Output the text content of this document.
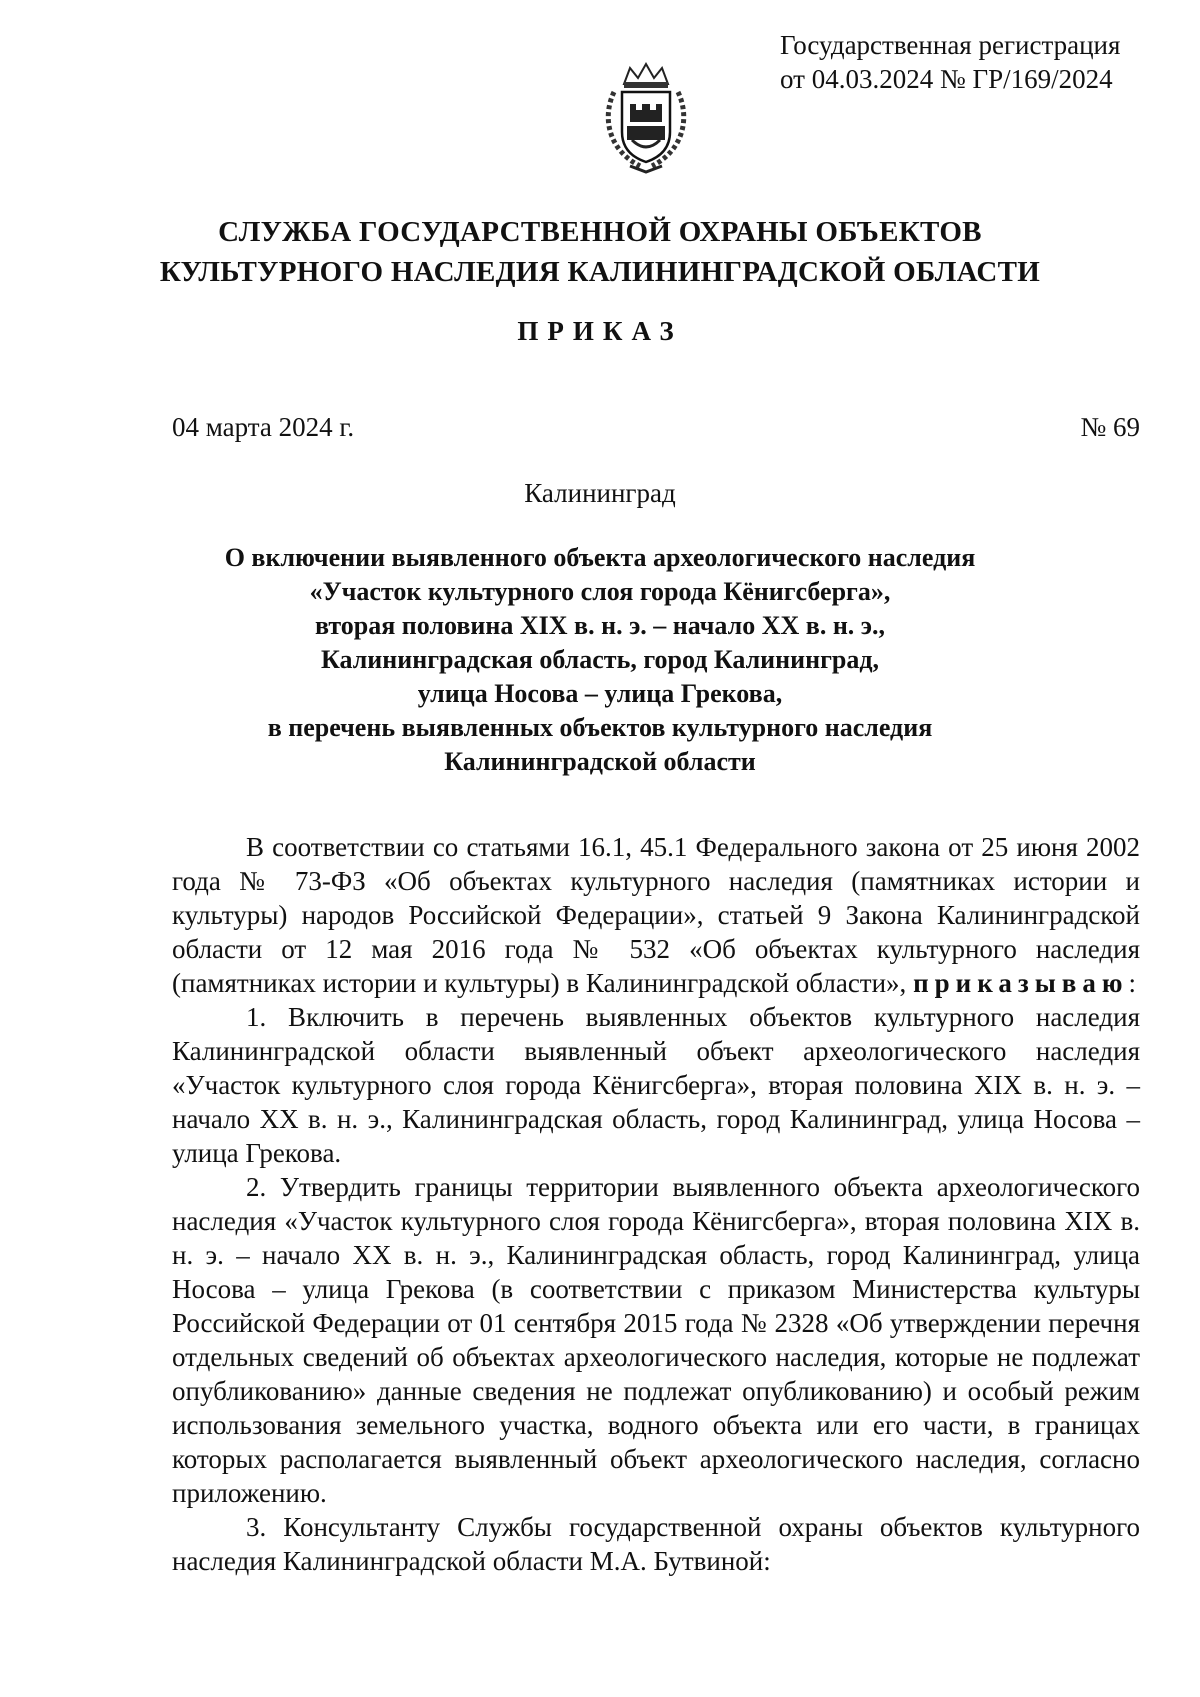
Государственная регистрация
от 04.03.2024 № ГР/169/2024
СЛУЖБА ГОСУДАРСТВЕННОЙ ОХРАНЫ ОБЪЕКТОВ
КУЛЬТУРНОГО НАСЛЕДИЯ КАЛИНИНГРАДСКОЙ ОБЛАСТИ
ПРИКАЗ
04 марта 2024 г.	№ 69
Калининград
О включении выявленного объекта археологического наследия
«Участок культурного слоя города Кёнигсберга»,
вторая половина XIX в. н. э. – начало XX в. н. э.,
Калининградская область, город Калининград,
улица Носова – улица Грекова,
в перечень выявленных объектов культурного наследия
Калининградской области

В соответствии со статьями 16.1, 45.1 Федерального закона от 25 июня 2002 года № 73-ФЗ «Об объектах культурного наследия (памятниках истории и культуры) народов Российской Федерации», статьей 9 Закона Калининградской области от 12 мая 2016 года № 532 «Об объектах культурного наследия (памятниках истории и культуры) в Калининградской области», приказываю:

1. Включить в перечень выявленных объектов культурного наследия Калининградской области выявленный объект археологического наследия «Участок культурного слоя города Кёнигсберга», вторая половина XIX в. н. э. – начало XX в. н. э., Калининградская область, город Калининград, улица Носова – улица Грекова.

2. Утвердить границы территории выявленного объекта археологического наследия «Участок культурного слоя города Кёнигсберга», вторая половина XIX в. н. э. – начало XX в. н. э., Калининградская область, город Калининград, улица Носова – улица Грекова (в соответствии с приказом Министерства культуры Российской Федерации от 01 сентября 2015 года № 2328 «Об утверждении перечня отдельных сведений об объектах археологического наследия, которые не подлежат опубликованию» данные сведения не подлежат опубликованию) и особый режим использования земельного участка, водного объекта или его части, в границах которых располагается выявленный объект археологического наследия, согласно приложению.

3. Консультанту Службы государственной охраны объектов культурного наследия Калининградской области М.А. Бутвиной:
